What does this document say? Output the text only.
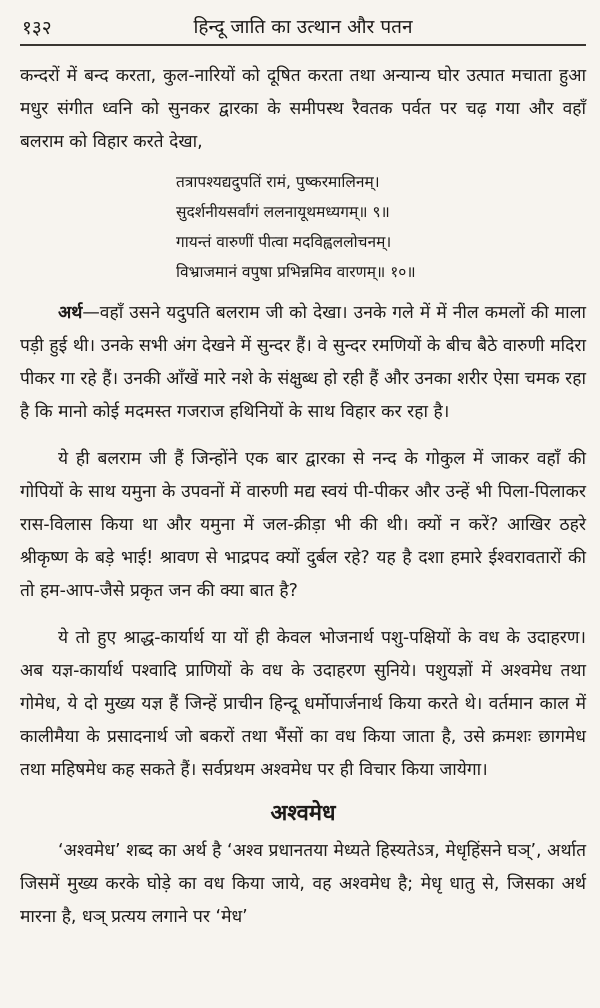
१३२	हिन्दू जाति का उत्थान और पतन

कन्दरों में बन्द करता, कुल-नारियों को दूषित करता तथा अन्यान्य घोर उत्पात मचाता हुआ मधुर संगीत ध्वनि को सुनकर द्वारका के समीपस्थ रैवतक पर्वत पर चढ़ गया और वहाँ बलराम को विहार करते देखा,

तत्रापश्यद्यदुपतिं रामं, पुष्करमालिनम्।
सुदर्शनीयसर्वांगं ललनायूथमध्यगम्॥ ९॥
गायन्तं वारुणीं पीत्वा मदविह्वललोचनम्।
विभ्राजमानं वपुषा प्रभिन्नमिव वारणम्॥ १०॥

अर्थ—वहाँ उसने यदुपति बलराम जी को देखा। उनके गले में में नील कमलों की माला पड़ी हुई थी। उनके सभी अंग देखने में सुन्दर हैं। वे सुन्दर रमणियों के बीच बैठे वारुणी मदिरा पीकर गा रहे हैं। उनकी आँखें मारे नशे के संक्षुब्ध हो रही हैं और उनका शरीर ऐसा चमक रहा है कि मानो कोई मदमस्त गजराज हथिनियों के साथ विहार कर रहा है।

ये ही बलराम जी हैं जिन्होंने एक बार द्वारका से नन्द के गोकुल में जाकर वहाँ की गोपियों के साथ यमुना के उपवनों में वारुणी मद्य स्वयं पी-पीकर और उन्हें भी पिला-पिलाकर रास-विलास किया था और यमुना में जल-क्रीड़ा भी की थी। क्यों न करें? आखिर ठहरे श्रीकृष्ण के बड़े भाई! श्रावण से भाद्रपद क्यों दुर्बल रहे? यह है दशा हमारे ईश्वरावतारों की तो हम-आप-जैसे प्रकृत जन की क्या बात है?

ये तो हुए श्राद्ध-कार्यार्थ या यों ही केवल भोजनार्थ पशु-पक्षियों के वध के उदाहरण। अब यज्ञ-कार्यार्थ पश्वादि प्राणियों के वध के उदाहरण सुनिये। पशुयज्ञों में अश्वमेध तथा गोमेध, ये दो मुख्य यज्ञ हैं जिन्हें प्राचीन हिन्दू धर्मोपार्जनार्थ किया करते थे। वर्तमान काल में कालीमैया के प्रसादनार्थ जो बकरों तथा भैंसों का वध किया जाता है, उसे क्रमशः छागमेध तथा महिषमेध कह सकते हैं। सर्वप्रथम अश्वमेध पर ही विचार किया जायेगा।

अश्वमेध

‘अश्वमेध’ शब्द का अर्थ है ‘अश्व प्रधानतया मेध्यते हिस्यतेऽत्र, मेधृहिंसने घञ्’, अर्थात जिसमें मुख्य करके घोड़े का वध किया जाये, वह अश्वमेध है; मेधृ धातु से, जिसका अर्थ मारना है, धञ् प्रत्यय लगाने पर ‘मेध’
